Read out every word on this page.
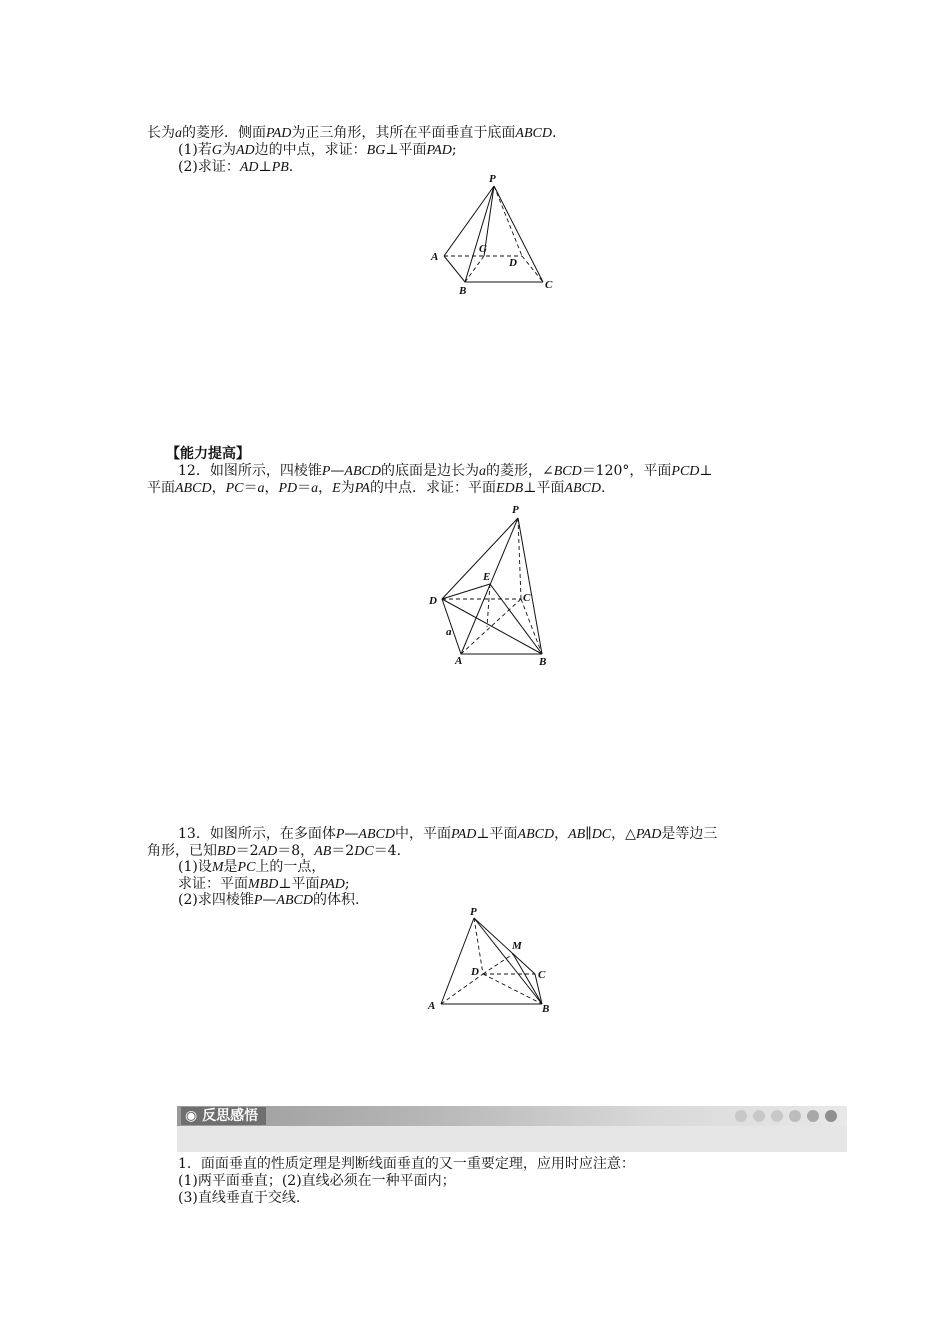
长为a的菱形．侧面PAD为正三角形，其所在平面垂直于底面ABCD.
(1)若G为AD边的中点，求证：BG⊥平面PAD;
(2)求证：AD⊥PB.
P
A
G
D
B	C
【能力提高】
12．如图所示，四棱锥P—ABCD的底面是边长为a的菱形，∠BCD＝120°，平面PCD⊥
平面ABCD，PC＝a，PD＝a，E为PA的中点．求证：平面EDB⊥平面ABCD.
P
E
D	C
a
A	B
13．如图所示，在多面体P—ABCD中，平面PAD⊥平面ABCD，AB∥DC，△PAD是等边三
角形，已知BD＝2AD＝8，AB＝2DC＝4.
(1)设M是PC上的一点，
求证：平面MBD⊥平面PAD;
(2)求四棱锥P—ABCD的体积.
P
M
D	C
A	B
◉ 反思感悟
1．面面垂直的性质定理是判断线面垂直的又一重要定理，应用时应注意：
(1)两平面垂直；(2)直线必须在一种平面内；
(3)直线垂直于交线.
